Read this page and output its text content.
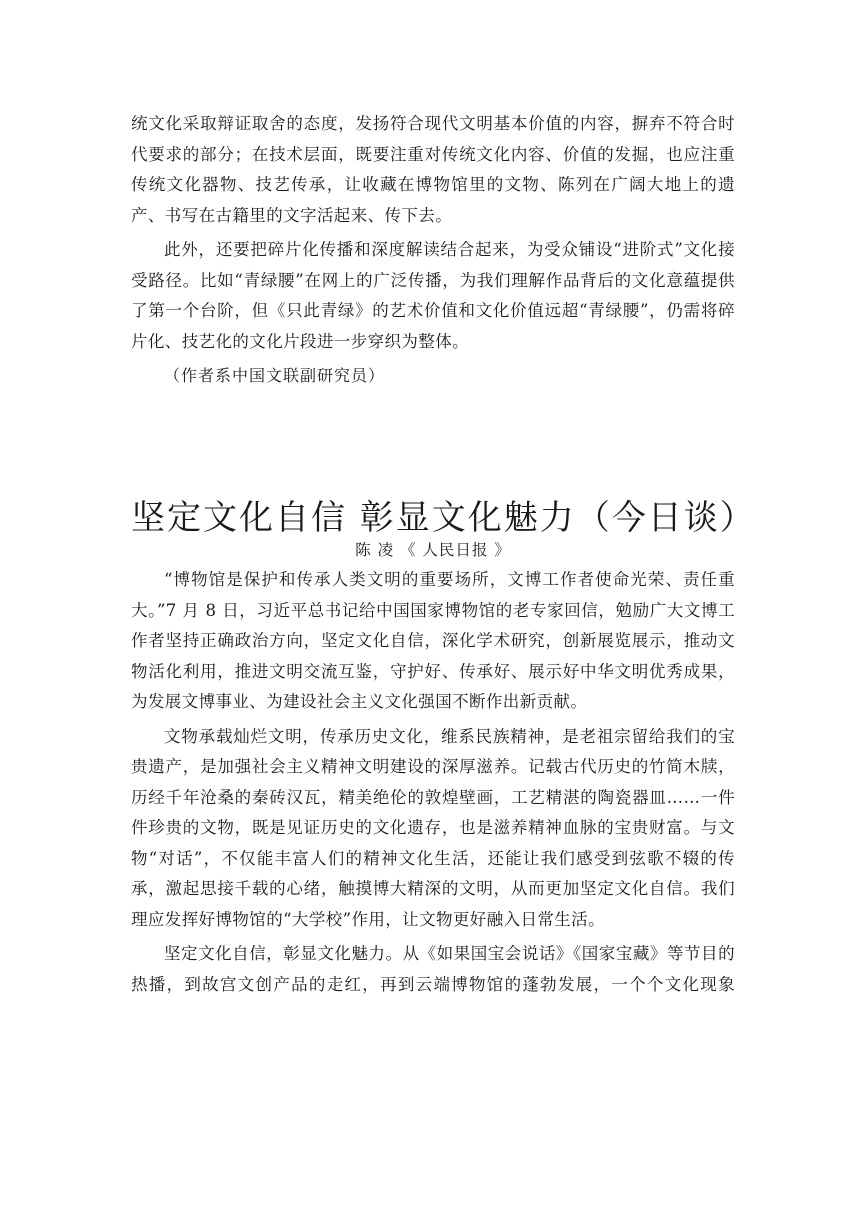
统文化采取辩证取舍的态度，发扬符合现代文明基本价值的内容，摒弃不符合时代要求的部分；在技术层面，既要注重对传统文化内容、价值的发掘，也应注重传统文化器物、技艺传承，让收藏在博物馆里的文物、陈列在广阔大地上的遗产、书写在古籍里的文字活起来、传下去。

此外，还要把碎片化传播和深度解读结合起来，为受众铺设“进阶式”文化接受路径。比如“青绿腰”在网上的广泛传播，为我们理解作品背后的文化意蕴提供了第一个台阶，但《只此青绿》的艺术价值和文化价值远超“青绿腰”，仍需将碎片化、技艺化的文化片段进一步穿织为整体。

（作者系中国文联副研究员）

坚定文化自信 彰显文化魅力（今日谈）

陈 凌 《 人民日报 》

“博物馆是保护和传承人类文明的重要场所，文博工作者使命光荣、责任重大。”7 月 8 日，习近平总书记给中国国家博物馆的老专家回信，勉励广大文博工作者坚持正确政治方向，坚定文化自信，深化学术研究，创新展览展示，推动文物活化利用，推进文明交流互鉴，守护好、传承好、展示好中华文明优秀成果，为发展文博事业、为建设社会主义文化强国不断作出新贡献。

文物承载灿烂文明，传承历史文化，维系民族精神，是老祖宗留给我们的宝贵遗产，是加强社会主义精神文明建设的深厚滋养。记载古代历史的竹简木牍，历经千年沧桑的秦砖汉瓦，精美绝伦的敦煌壁画，工艺精湛的陶瓷器皿……一件件珍贵的文物，既是见证历史的文化遗存，也是滋养精神血脉的宝贵财富。与文物“对话”，不仅能丰富人们的精神文化生活，还能让我们感受到弦歌不辍的传承，激起思接千载的心绪，触摸博大精深的文明，从而更加坚定文化自信。我们理应发挥好博物馆的“大学校”作用，让文物更好融入日常生活。

坚定文化自信，彰显文化魅力。从《如果国宝会说话》《国家宝藏》等节目的热播，到故宫文创产品的走红，再到云端博物馆的蓬勃发展，一个个文化现象
